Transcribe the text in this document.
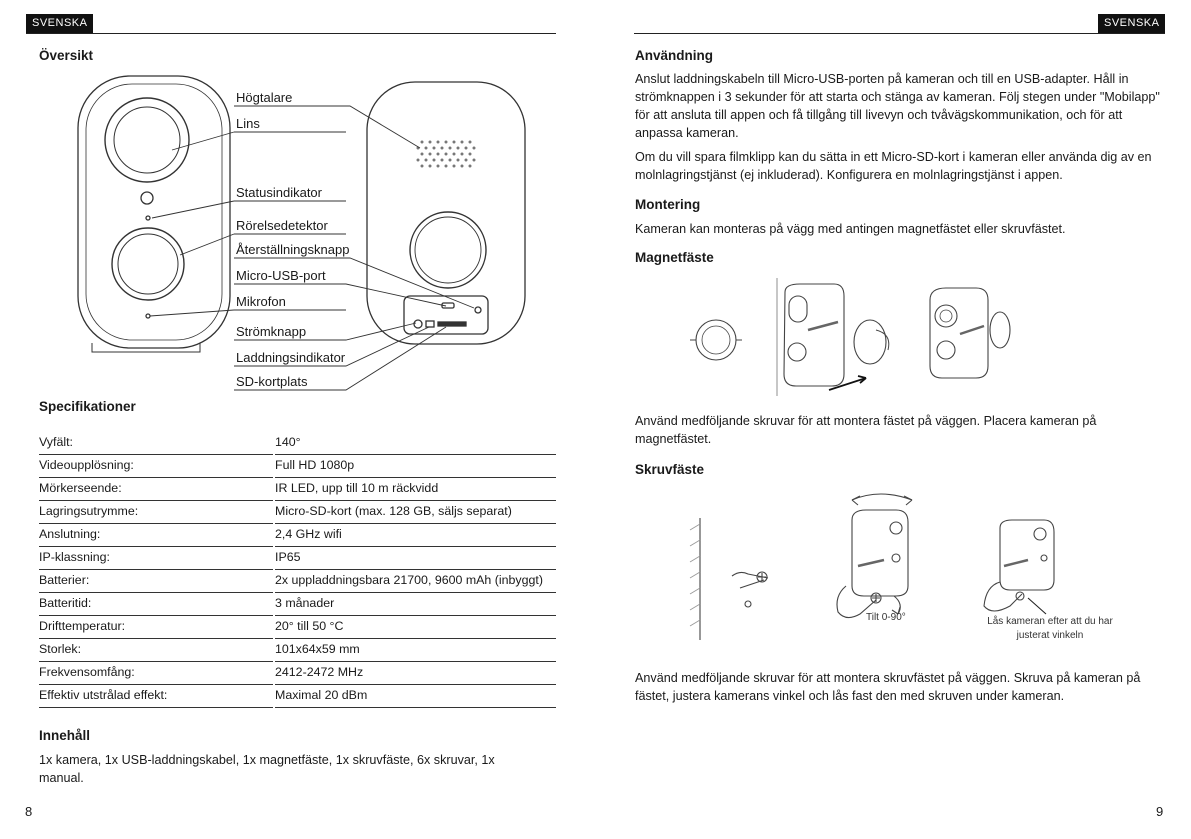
SVENSKA	SVENSKA
Översikt
Högtalare
Lins
Statusindikator
Rörelsedetektor
Återställningsknapp
Micro-USB-port
Mikrofon
Strömknapp
Laddningsindikator
SD-kortplats
Specifikationer
Vyfält:	140°
Videoupplösning:	Full HD 1080p
Mörkerseende:	IR LED, upp till 10 m räckvidd
Lagringsutrymme:	Micro-SD-kort (max. 128 GB, säljs separat)
Anslutning:	2,4 GHz wifi
IP-klassning:	IP65
Batterier:	2x uppladdningsbara 21700, 9600 mAh (inbyggt)
Batteritid:	3 månader
Drifttemperatur:	20° till 50 °C
Storlek:	101x64x59 mm
Frekvensomfång:	2412-2472 MHz
Effektiv utstrålad effekt:	Maximal 20 dBm
Innehåll

1x kamera, 1x USB-laddningskabel, 1x magnetfäste, 1x skruvfäste, 6x skruvar, 1x manual.

8
Användning

Anslut laddningskabeln till Micro-USB-porten på kameran och till en USB-adapter. Håll in strömknappen i 3 sekunder för att starta och stänga av kameran. Följ stegen under "Mobilapp" för att ansluta till appen och få tillgång till livevyn och tvåvägskommunikation, och för att anpassa kameran.

Om du vill spara filmklipp kan du sätta in ett Micro-SD-kort i kameran eller använda dig av en molnlagringstjänst (ej inkluderad). Konfigurera en molnlagringstjänst i appen.

Montering

Kameran kan monteras på vägg med antingen magnetfästet eller skruvfästet.

Magnetfäste

Använd medföljande skruvar för att montera fästet på väggen. Placera kameran på magnetfästet.

Skruvfäste
Tilt 0-90°	Lås kameran efter att du har justerat vinkeln

Använd medföljande skruvar för att montera skruvfästet på väggen. Skruva på kameran på fästet, justera kamerans vinkel och lås fast den med skruven under kameran.

9
